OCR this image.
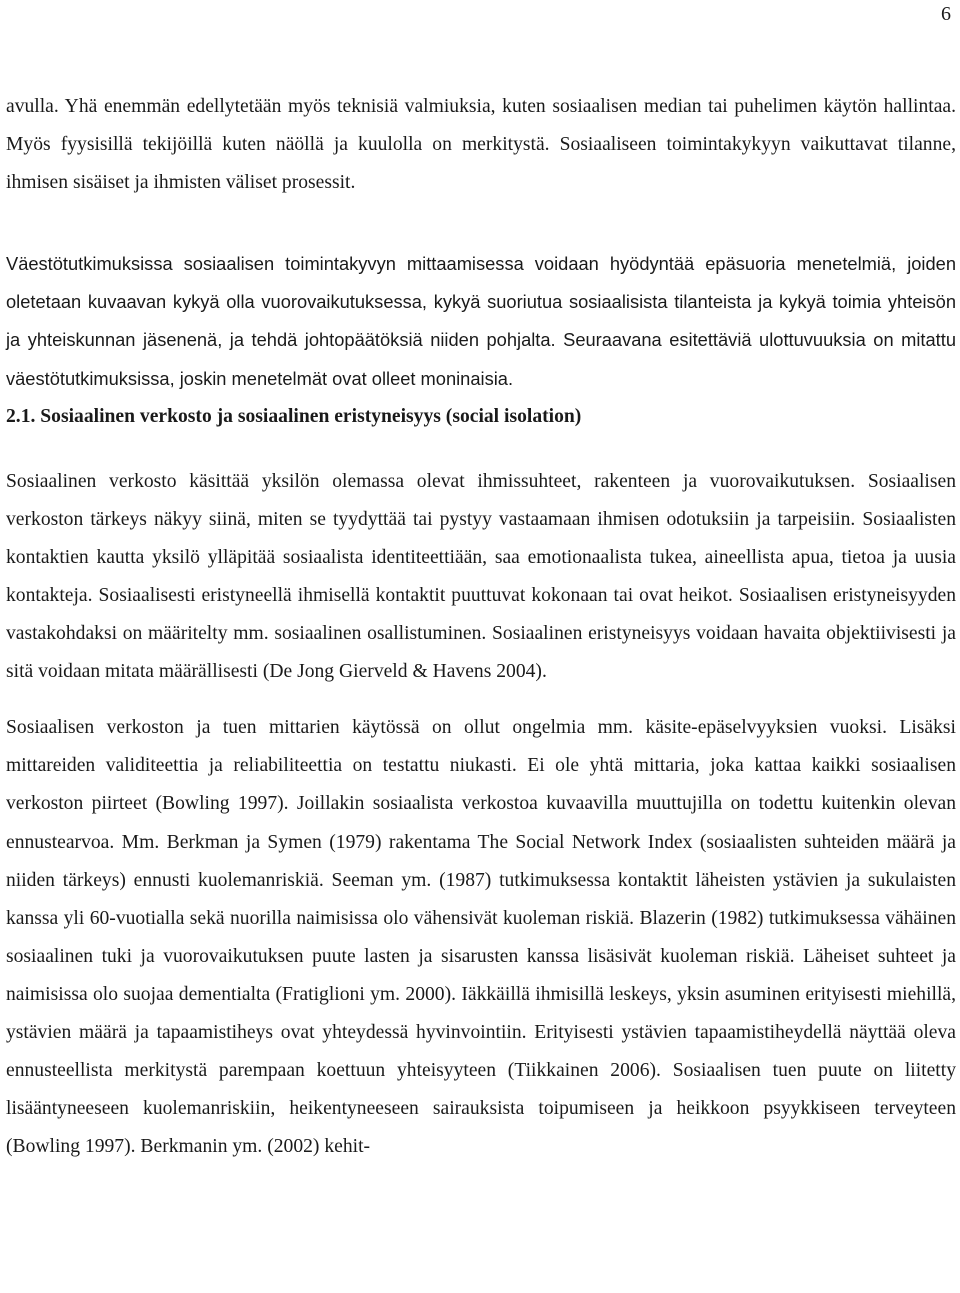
6

avulla. Yhä enemmän edellytetään myös teknisiä valmiuksia, kuten sosiaalisen median tai puhelimen käytön hallintaa. Myös fyysisillä tekijöillä kuten näöllä ja kuulolla on merkitystä. Sosiaaliseen toimintakykyyn vaikuttavat tilanne, ihmisen sisäiset ja ihmisten väliset prosessit.

Väestötutkimuksissa sosiaalisen toimintakyvyn mittaamisessa voidaan hyödyntää epäsuoria menetelmiä, joiden oletetaan kuvaavan kykyä olla vuorovaikutuksessa, kykyä suoriutua sosiaalisista tilanteista ja kykyä toimia yhteisön ja yhteiskunnan jäsenenä, ja tehdä johtopäätöksiä niiden pohjalta. Seuraavana esitettäviä ulottuvuuksia on mitattu väestötutkimuksissa, joskin menetelmät ovat olleet moninaisia.

2.1. Sosiaalinen verkosto ja sosiaalinen eristyneisyys (social isolation)

Sosiaalinen verkosto käsittää yksilön olemassa olevat ihmissuhteet, rakenteen ja vuorovaikutuksen. Sosiaalisen verkoston tärkeys näkyy siinä, miten se tyydyttää tai pystyy vastaamaan ihmisen odotuksiin ja tarpeisiin. Sosiaalisten kontaktien kautta yksilö ylläpitää sosiaalista identiteettiään, saa emotionaalista tukea, aineellista apua, tietoa ja uusia kontakteja. Sosiaalisesti eristyneellä ihmisellä kontaktit puuttuvat kokonaan tai ovat heikot. Sosiaalisen eristyneisyyden vastakohdaksi on määritelty mm. sosiaalinen osallistuminen. Sosiaalinen eristyneisyys voidaan havaita objektiivisesti ja sitä voidaan mitata määrällisesti (De Jong Gierveld & Havens 2004).

Sosiaalisen verkoston ja tuen mittarien käytössä on ollut ongelmia mm. käsite-epäselvyyksien vuoksi. Lisäksi mittareiden validiteettia ja reliabiliteettia on testattu niukasti. Ei ole yhtä mittaria, joka kattaa kaikki sosiaalisen verkoston piirteet (Bowling 1997). Joillakin sosiaalista verkostoa kuvaavilla muuttujilla on todettu kuitenkin olevan ennustearvoa. Mm. Berkman ja Symen (1979) rakentama The Social Network Index (sosiaalisten suhteiden määrä ja niiden tärkeys) ennusti kuolemanriskiä. Seeman ym. (1987) tutkimuksessa kontaktit läheisten ystävien ja sukulaisten kanssa yli 60-vuotialla sekä nuorilla naimisissa olo vähensivät kuoleman riskiä. Blazerin (1982) tutkimuksessa vähäinen sosiaalinen tuki ja vuorovaikutuksen puute lasten ja sisarusten kanssa lisäsivät kuoleman riskiä. Läheiset suhteet ja naimisissa olo suojaa dementialta (Fratiglioni ym. 2000). Iäkkäillä ihmisillä leskeys, yksin asuminen erityisesti miehillä, ystävien määrä ja tapaamistiheys ovat yhteydessä hyvinvointiin. Erityisesti ystävien tapaamistiheydellä näyttää oleva ennusteellista merkitystä parempaan koettuun yhteisyyteen (Tiikkainen 2006). Sosiaalisen tuen puute on liitetty lisääntyneeseen kuolemanriskiin, heikentyneeseen sairauksista toipumiseen ja heikkoon psyykkiseen terveyteen (Bowling 1997). Berkmanin ym. (2002) kehit-
